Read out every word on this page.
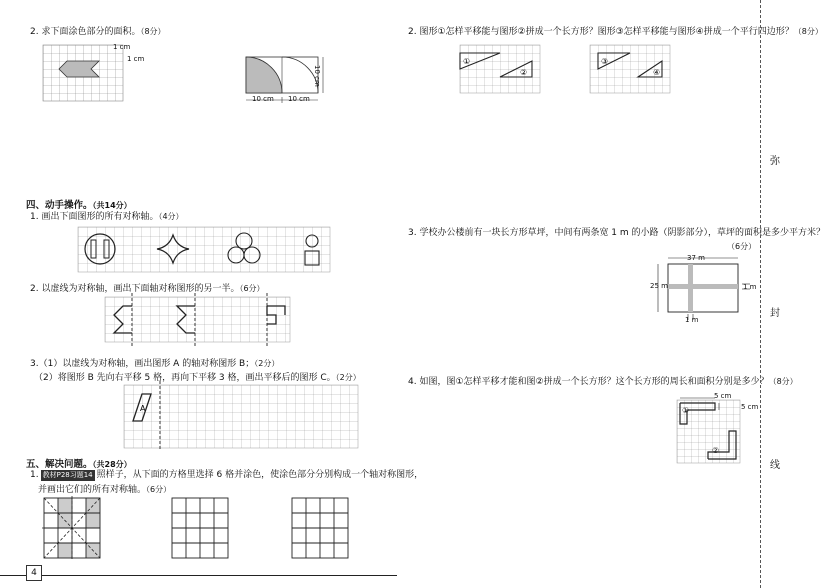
2. 求下面涂色部分的面积。（8分）
1 cm
1 cm
10 cm 10 cm
10 cm
四、动手操作。（共14分）
1. 画出下面图形的所有对称轴。（4分）
2. 以虚线为对称轴，画出下面轴对称图形的另一半。（6分）
3.（1）以虚线为对称轴，画出图形 A 的轴对称图形 B；（2分）
（2）将图形 B 先向右平移 5 格，再向下平移 3 格，画出平移后的图形 C。（2分）
A
五、解决问题。（共28分）
1. 教材P28习题14 照样子，从下面的方格里选择 6 格并涂色，使涂色部分分别构成一个轴对称图形，
并画出它们的所有对称轴。（6分）
2. 图形①怎样平移能与图形②拼成一个长方形？图形③怎样平移能与图形④拼成一个平行四边形？（8分）
①
②
③
④
3. 学校办公楼前有一块长方形草坪，中间有两条宽 1 m 的小路（阴影部分），草坪的面积是多少平方米？
（6分）
37 m
25 m	1 m
1 m
4. 如图，图①怎样平移才能和图②拼成一个长方形？这个长方形的周长和面积分别是多少？（8分）
5 cm
5 cm
①
②
弥
封
线
4
